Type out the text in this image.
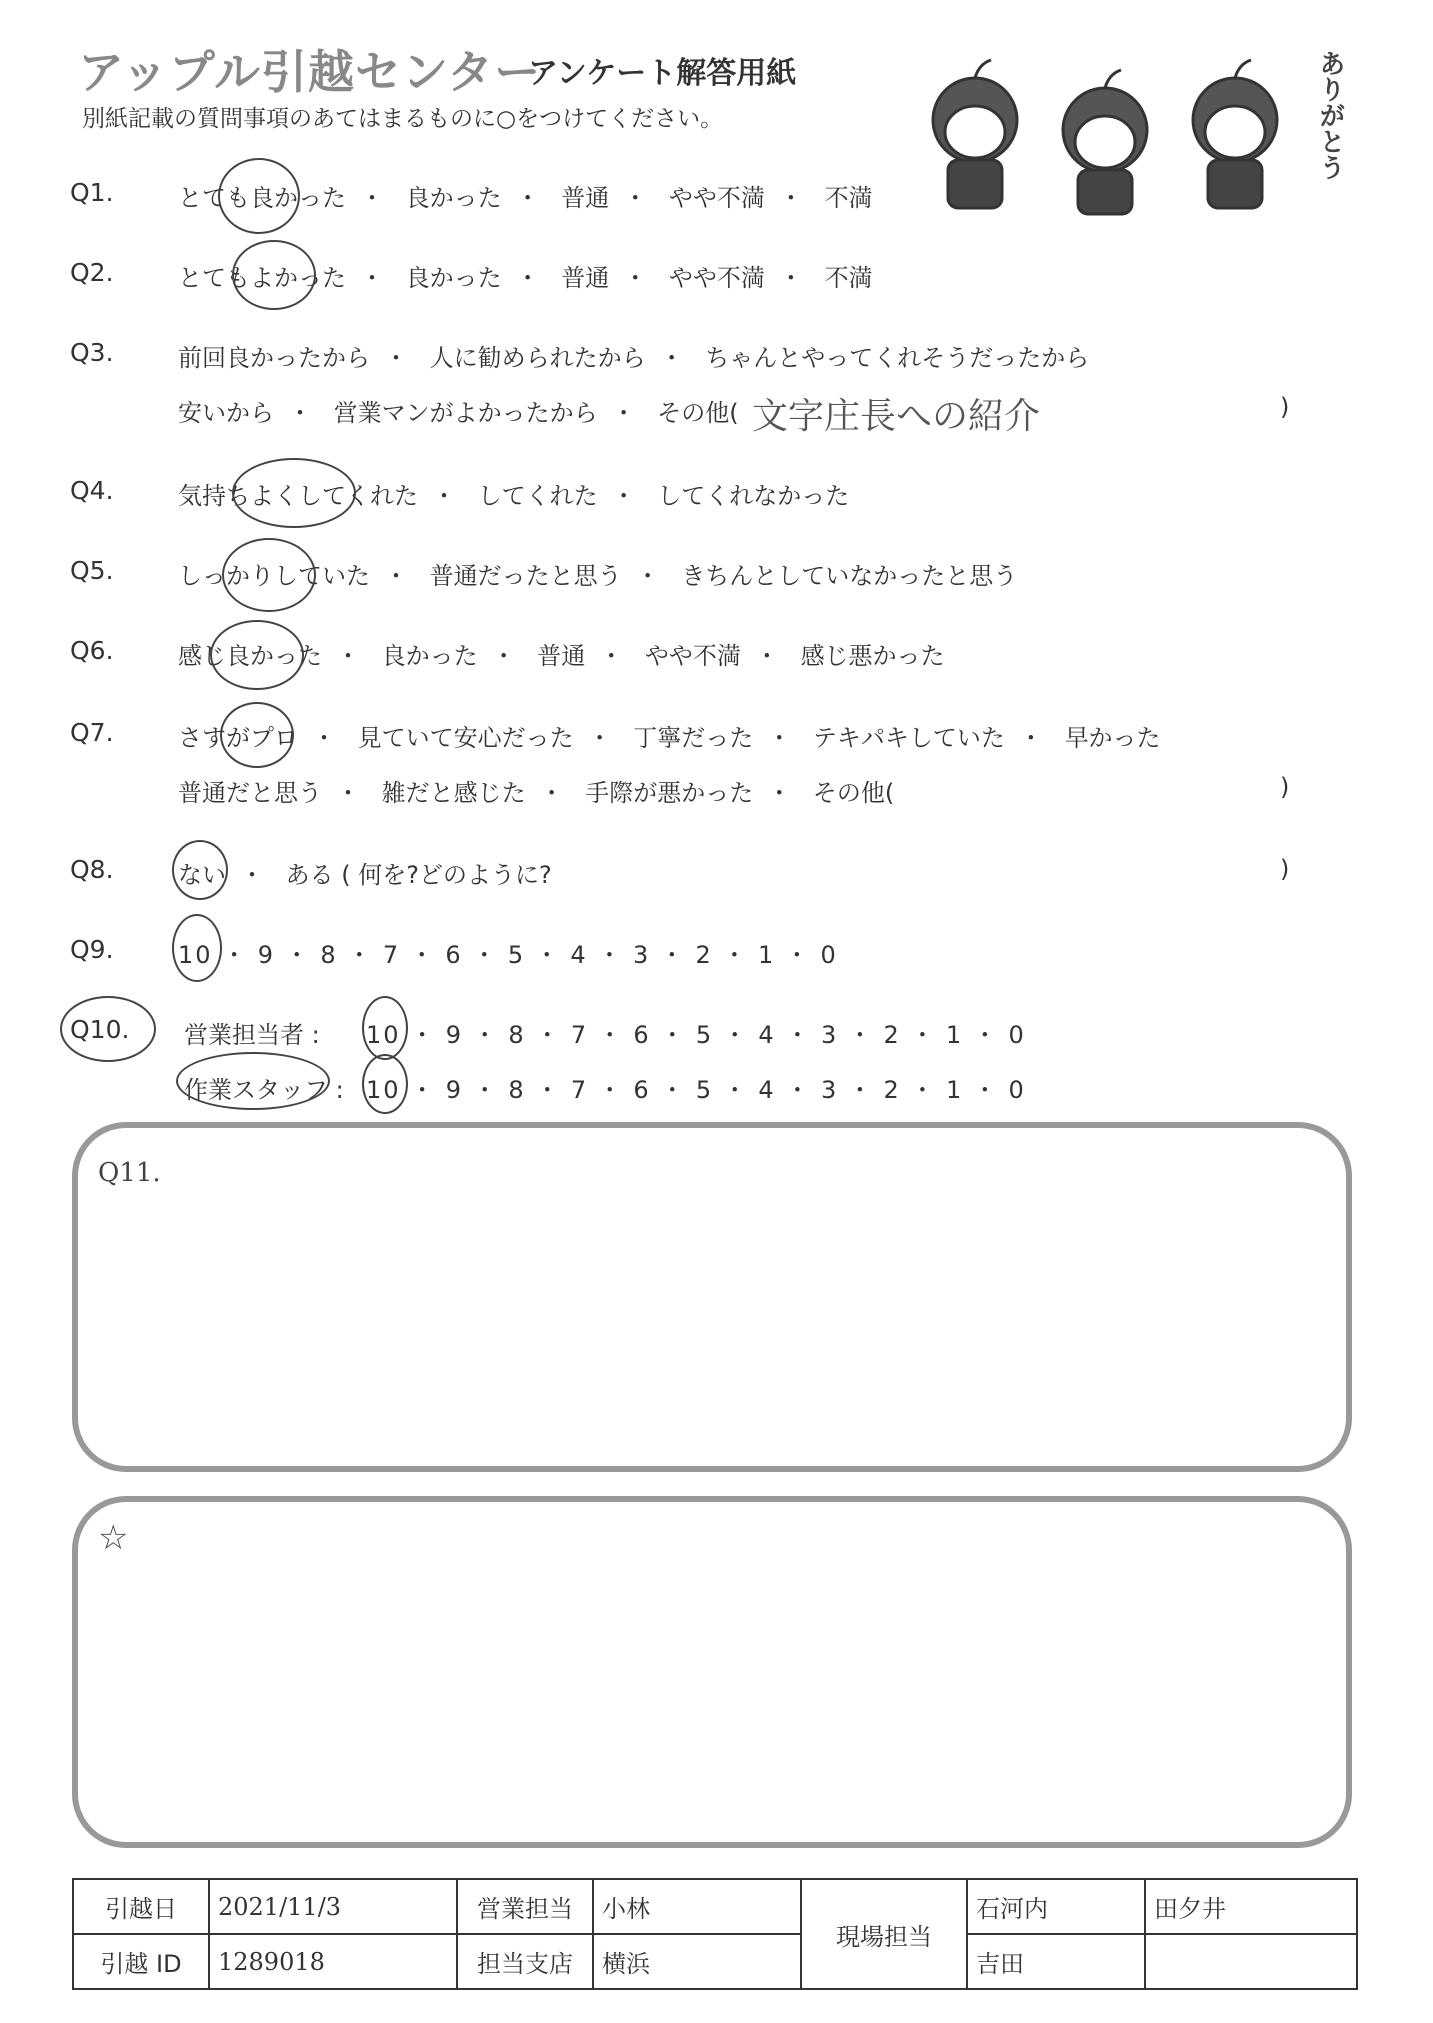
アップル引越センター
アンケート解答用紙
別紙記載の質問事項のあてはまるものに○をつけてください。	ありがとう
Q1.	とても良かった ・ 良かった ・ 普通 ・ やや不満 ・ 不満
Q2.	とてもよかった ・ 良かった ・ 普通 ・ やや不満 ・ 不満
Q3.	前回良かったから ・ 人に勧められたから ・ ちゃんとやってくれそうだったから
安いから ・ 営業マンがよかったから ・ その他( 文字庄長への紹介	)
Q4.	気持ちよくしてくれた ・ してくれた ・ してくれなかった
Q5.	しっかりしていた ・ 普通だったと思う ・ きちんとしていなかったと思う
Q6.	感じ良かった ・ 良かった ・ 普通 ・ やや不満 ・ 感じ悪かった
Q7.	さすがプロ ・ 見ていて安心だった ・ 丁寧だった ・ テキパキしていた ・ 早かった
普通だと思う ・ 雑だと感じた ・ 手際が悪かった ・ その他(	)
Q8.	ない ・ ある ( 何を?どのように?	)
Q9.	10 ・ 9 ・ 8 ・ 7 ・ 6 ・ 5 ・ 4 ・ 3 ・ 2 ・ 1 ・ 0
Q10. 営業担当者 : 10 ・ 9 ・ 8 ・ 7 ・ 6 ・ 5 ・ 4 ・ 3 ・ 2 ・ 1 ・ 0
作業スタッフ : 10 ・ 9 ・ 8 ・ 7 ・ 6 ・ 5 ・ 4 ・ 3 ・ 2 ・ 1 ・ 0
Q11.
☆
引越日	2021/11/3	営業担当	小林	現場担当	石河内	田夕井
引越 ID	1289018	担当支店	横浜		吉田	
